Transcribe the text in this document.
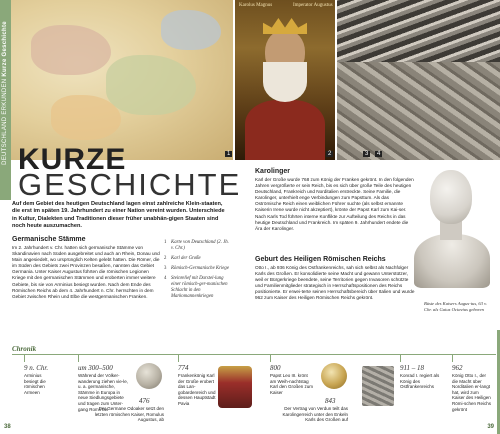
DEUTSCHLAND ERKUNDEN Kurze Geschichte
1
Karolus Magnus	Imperator Augustus
2	3	4
KURZE
GESCHICHTE
Auf dem Gebiet des heutigen Deutschland lagen einst zahlreiche Klein-staaten, die erst im späten 19. Jahrhundert zu einer Nation vereint wurden. Unterschiede in Kultur, Dialekten und Traditionen dieser früher unabhän-gigen Staaten sind noch heute auszumachen.
Germanische Stämme
Im 2. Jahrhundert v. Chr. hatten sich germanische Stämme von Skandinavien nach Süden ausgebreitet und auch an Rhein, Donau und Main angesiedelt, wo ursprünglich Kelten gelebt hatten. Die Römer, die im Süden des Gebiets zwei Provinzen besaßen, nannten das Gebiet Germania. Unter Kaiser Augustus führten die römischen Legionen Kriege mit den germanischen Stämmen und eroberten immer weitere Gebiete, bis sie von Arminius besiegt wurden. Nach dem Ende des Römischen Reichs ab dem 4. Jahrhundert n. Chr. herrschten in dem Gebiet zwischen Rhein und Elbe die westgermanischen Franken.
1 Karte von Deutschland (2. Jh. v. Chr.)
2 Karl der Große
3 Römisch-Germanische Kriege
4 Steinrelief mit Darstel-lung einer römisch-ger-manischen Schlacht in den Markomannenkriegen
Karolinger
Karl der Große wurde 768 zum König der Franken gekrönt. In den folgenden Jahren vergrößerte er sein Reich, bis es sich über große Teile des heutigen Deutschland, Frankreich und Norditalien erstreckte. Seine Familie, die Karolinger, unterhielt enge Verbindungen zum Papsttum. Als das Oströmische Reich einen weiblichen Führer suchte (als selbst ernannte Kaiserin Irene wurde nicht akzeptiert), krönte der Papst Karl zum Kai-ser. Nach Karls Tod führten interne Konflikte zur Aufteilung des Reichs in das heutige Deutschland und Frankreich. Im späten 9. Jahrhundert endete die Ära der Karolinger.
Geburt des Heiligen Römischen Reichs
Otto I., ab 936 König des Ostfrankenreichs, sah sich selbst als Nachfolger Karls des Großen. Er konsolidierte seine Macht und gewann Unterstützer, weil er Bürgerkriege beendete, seine Territorien gegen Invasoren schützte und Familienmitglieder strategisch in Herrschaftspositionen des Reichs positionierte. Er erwei-terte seinen Herrschaftsbereich über Italien und wurde 962 zum Kaiser des Heiligen Römischen Reichs gekrönt.
Büste des Kaisers Augus-tus, 63 v. Chr. als Gaius Octavius geboren
Chronik
9 n. Chr.
Arminius besiegt die römischen Armeen
um 300–500
Während der Völker-wanderung ziehen vie-le, u. a. germanische, Stämme in Europa in neue Siedlungsgebiete und tragen zum Unter-gang Roms bei
476
Der Germane Odoaker setzt den letzten römischen Kaiser, Romulus Augustus, ab
774
Frankenkönig Karl der Große erobert das Lan-gobardenreich und dessen Hauptstadt Pavia
800
Papst Leo III. krönt am Weih-nachtstag Karl den Großen zum Kaiser
843
Der Vertrag von Verdun teilt das Karolingerreich unter den Enkeln Karls des Großen auf
911 – 18
Konrad I. regiert als König des Ostfrankenreichs
962
König Otto I., der die Macht über Norditalien er-langt hat, wird zum Kaiser des Heiligen Römi-schen Reichs gekrönt
38	39
